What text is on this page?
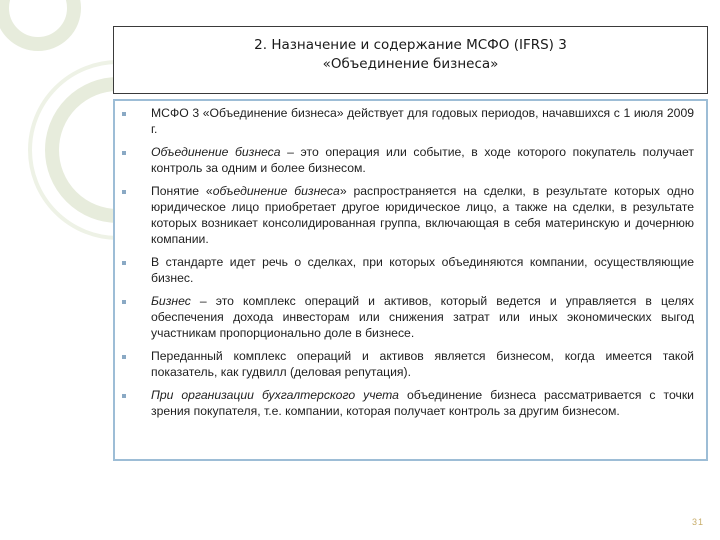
2. Назначение и содержание МСФО (IFRS) 3
«Объединение бизнеса»
МСФО 3 «Объединение бизнеса» действует для годовых периодов, начавшихся с 1 июля 2009 г.
Объединение бизнеса – это операция или событие, в ходе которого покупатель получает контроль за одним и более бизнесом.
Понятие «объединение бизнеса» распространяется на сделки, в результате которых одно юридическое лицо приобретает другое юридическое лицо, а также на сделки, в результате которых возникает консолидированная группа, включающая в себя материнскую и дочернюю компании.
В стандарте идет речь о сделках, при которых объединяются компании, осуществляющие бизнес.
Бизнес – это комплекс операций и активов, который ведется и управляется в целях обеспечения дохода инвесторам или снижения затрат или иных экономических выгод участникам пропорционально доле в бизнесе.
Переданный комплекс операций и активов является бизнесом, когда имеется такой показатель, как гудвилл (деловая репутация).
При организации бухгалтерского учета объединение бизнеса рассматривается с точки зрения покупателя, т.е. компании, которая получает контроль за другим бизнесом.
31
